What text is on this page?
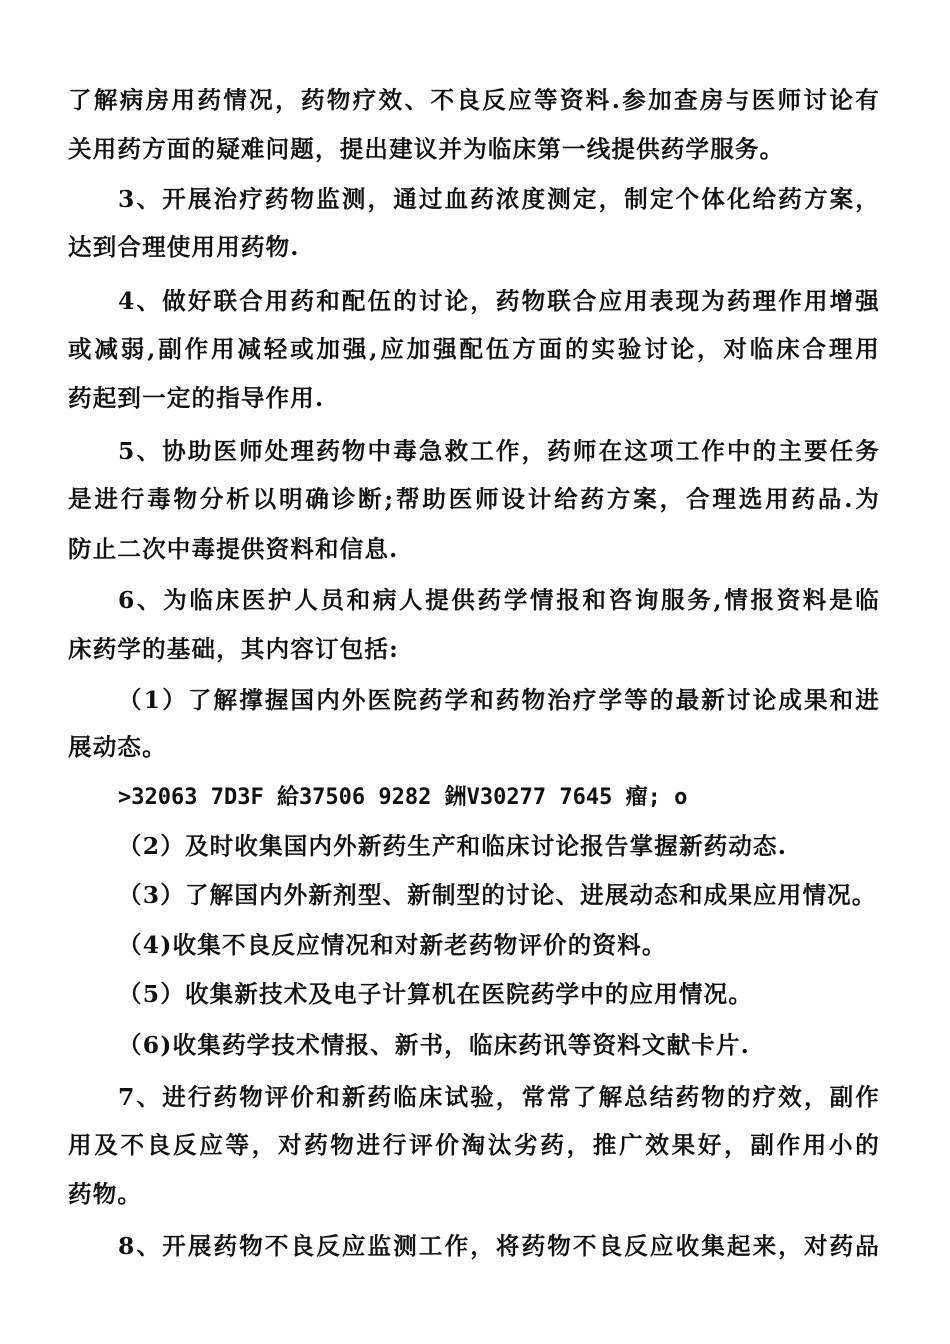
了解病房用药情况，药物疗效、不良反应等资料.参加查房与医师讨论有
关用药方面的疑难问题，提出建议并为临床第一线提供药学服务。
3、开展治疗药物监测，通过血药浓度测定，制定个体化给药方案，
达到合理使用用药物.
4、做好联合用药和配伍的讨论，药物联合应用表现为药理作用增强
或减弱,副作用减轻或加强,应加强配伍方面的实验讨论，对临床合理用
药起到一定的指导作用.
5、协助医师处理药物中毒急救工作，药师在这项工作中的主要任务
是进行毒物分析以明确诊断;帮助医师设计给药方案，合理选用药品.为
防止二次中毒提供资料和信息.
6、为临床医护人员和病人提供药学情报和咨询服务,情报资料是临
床药学的基础，其内容订包括:
（1）了解撑握国内外医院药学和药物治疗学等的最新讨论成果和进
展动态。
>32063 7D3F 給37506 9282 銂V30277 7645 瘤; o
（2）及时收集国内外新药生产和临床讨论报告掌握新药动态.
（3）了解国内外新剂型、新制型的讨论、进展动态和成果应用情况。
（4)收集不良反应情况和对新老药物评价的资料。
（5）收集新技术及电子计算机在医院药学中的应用情况。
（6)收集药学技术情报、新书，临床药讯等资料文献卡片.
7、进行药物评价和新药临床试验，常常了解总结药物的疗效，副作
用及不良反应等，对药物进行评价淘汰劣药，推广效果好，副作用小的
药物。
8、开展药物不良反应监测工作，将药物不良反应收集起来，对药品
